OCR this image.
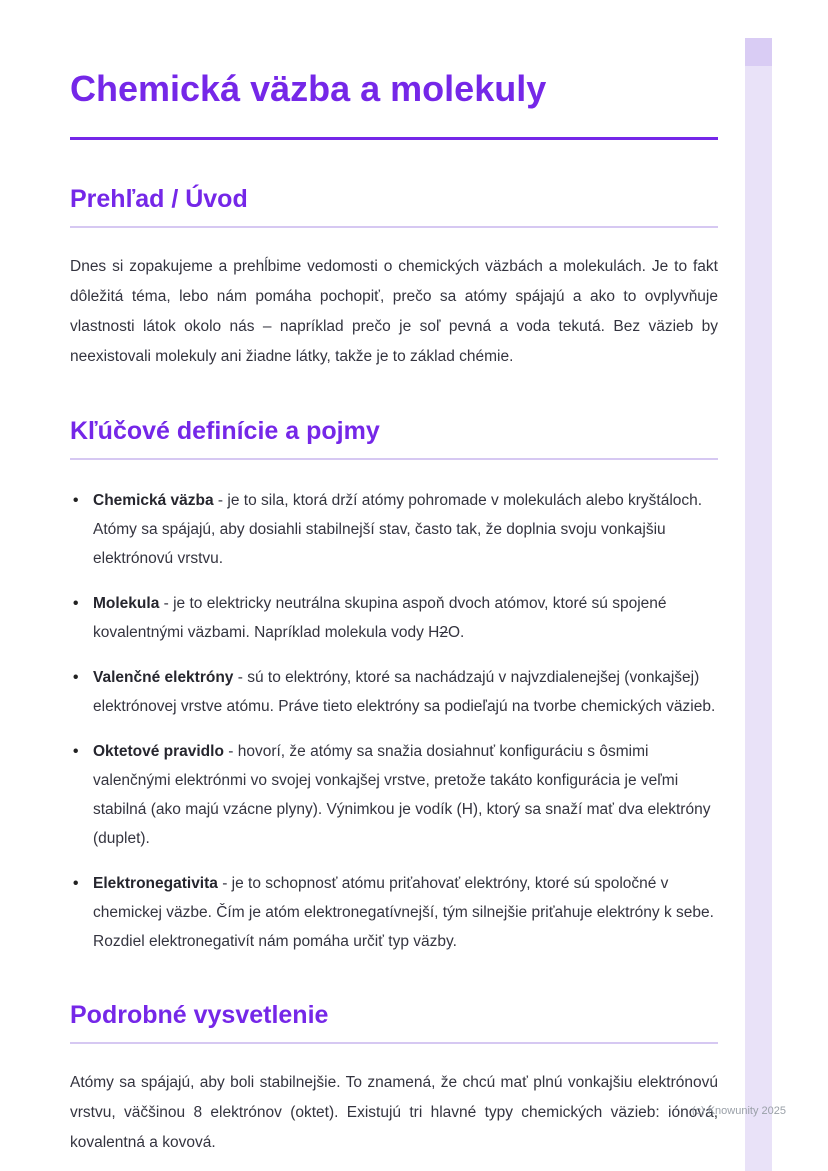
Chemická väzba a molekuly
Prehľad / Úvod

Dnes si zopakujeme a prehĺbime vedomosti o chemických väzbách a molekulách. Je to fakt dôležitá téma, lebo nám pomáha pochopiť, prečo sa atómy spájajú a ako to ovplyvňuje vlastnosti látok okolo nás – napríklad prečo je soľ pevná a voda tekutá. Bez väzieb by neexistovali molekuly ani žiadne látky, takže je to základ chémie.

Kľúčové definície a pojmy
• Chemická väzba - je to sila, ktorá drží atómy pohromade v molekulách alebo kryštáloch. Atómy sa spájajú, aby dosiahli stabilnejší stav, často tak, že doplnia svoju vonkajšiu elektrónovú vrstvu.
• Molekula - je to elektricky neutrálna skupina aspoň dvoch atómov, ktoré sú spojené kovalentnými väzbami. Napríklad molekula vody H2O.
• Valenčné elektróny - sú to elektróny, ktoré sa nachádzajú v najvzdialenejšej (vonkajšej) elektrónovej vrstve atómu. Práve tieto elektróny sa podieľajú na tvorbe chemických väzieb.
• Oktetové pravidlo - hovorí, že atómy sa snažia dosiahnuť konfiguráciu s ôsmimi valenčnými elektrónmi vo svojej vonkajšej vrstve, pretože takáto konfigurácia je veľmi stabilná (ako majú vzácne plyny). Výnimkou je vodík (H), ktorý sa snaží mať dva elektróny (duplet).
• Elektronegativita - je to schopnosť atómu priťahovať elektróny, ktoré sú spoločné v chemickej väzbe. Čím je atóm elektronegatívnejší, tým silnejšie priťahuje elektróny k sebe. Rozdiel elektronegativít nám pomáha určiť typ väzby.
Podrobné vysvetlenie

Atómy sa spájajú, aby boli stabilnejšie. To znamená, že chcú mať plnú vonkajšiu elektrónovú vrstvu, väčšinou 8 elektrónov (oktet). Existujú tri hlavné typy chemických väzieb: iónová, kovalentná a kovová.

(c) Knowunity 2025
